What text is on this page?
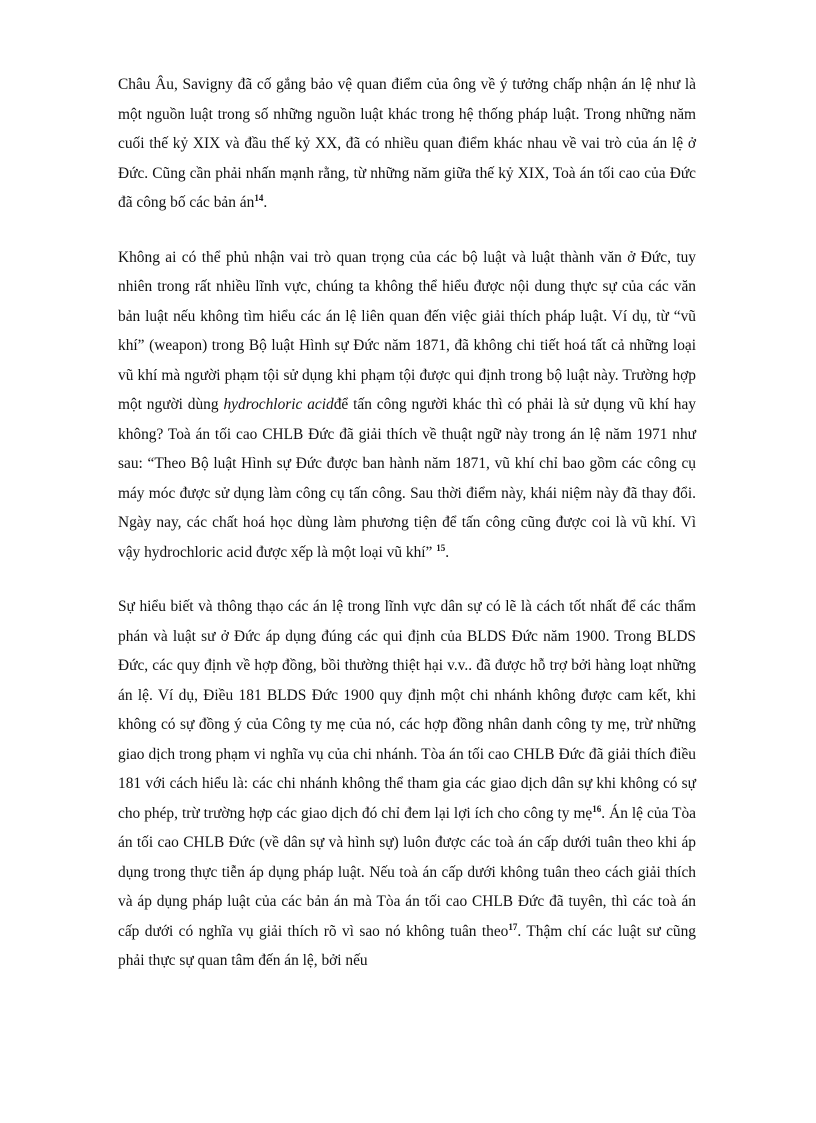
Châu Âu, Savigny đã cố gắng bảo vệ quan điểm của ông về ý tưởng chấp nhận án lệ như là một nguồn luật trong số những nguồn luật khác trong hệ thống pháp luật. Trong những năm cuối thế kỷ XIX và đầu thế kỷ XX, đã có nhiều quan điểm khác nhau về vai trò của án lệ ở Đức. Cũng cần phải nhấn mạnh rằng, từ những năm giữa thế kỷ XIX, Toà án tối cao của Đức đã công bố các bản $án^{14}$.

Không ai có thể phủ nhận vai trò quan trọng của các bộ luật và luật thành văn ở Đức, tuy nhiên trong rất nhiều lĩnh vực, chúng ta không thể hiểu được nội dung thực sự của các văn bản luật nếu không tìm hiểu các án lệ liên quan đến việc giải thích pháp luật. Ví dụ, từ “vũ khí” (weapon) trong Bộ luật Hình sự Đức năm 1871, đã không chi tiết hoá tất cả những loại vũ khí mà người phạm tội sử dụng khi phạm tội được qui định trong bộ luật này. Trường hợp một người dùng hydrochloric acidđể tấn công người khác thì có phải là sử dụng vũ khí hay không? Toà án tối cao CHLB Đức đã giải thích về thuật ngữ này trong án lệ năm 1971 như sau: “Theo Bộ luật Hình sự Đức được ban hành năm 1871, vũ khí chỉ bao gồm các công cụ máy móc được sử dụng làm công cụ tấn công. Sau thời điểm này, khái niệm này đã thay đổi. Ngày nay, các chất hoá học dùng làm phương tiện để tấn công cũng được coi là vũ khí. Vì vậy hydrochloric acid được xếp là một loại vũ khí” $^{15}$.

Sự hiểu biết và thông thạo các án lệ trong lĩnh vực dân sự có lẽ là cách tốt nhất để các thẩm phán và luật sư ở Đức áp dụng đúng các qui định của BLDS Đức năm 1900. Trong BLDS Đức, các quy định về hợp đồng, bồi thường thiệt hại v.v.. đã được hỗ trợ bởi hàng loạt những án lệ. Ví dụ, Điều 181 BLDS Đức 1900 quy định một chi nhánh không được cam kết, khi không có sự đồng ý của Công ty mẹ của nó, các hợp đồng nhân danh công ty mẹ, trừ những giao dịch trong phạm vi nghĩa vụ của chi nhánh. Tòa án tối cao CHLB Đức đã giải thích điều 181 với cách hiểu là: các chi nhánh không thể tham gia các giao dịch dân sự khi không có sự cho phép, trừ trường hợp các giao dịch đó chỉ đem lại lợi ích cho công ty mẹ$^{16}$. Án lệ của Tòa án tối cao CHLB Đức (về dân sự và hình sự) luôn được các toà án cấp dưới tuân theo khi áp dụng trong thực tiễn áp dụng pháp luật. Nếu toà án cấp dưới không tuân theo cách giải thích và áp dụng pháp luật của các bản án mà Tòa án tối cao CHLB Đức đã tuyên, thì các toà án cấp dưới có nghĩa vụ giải thích rõ vì sao nó không tuân theo$^{17}$. Thậm chí các luật sư cũng phải thực sự quan tâm đến án lệ, bởi nếu
